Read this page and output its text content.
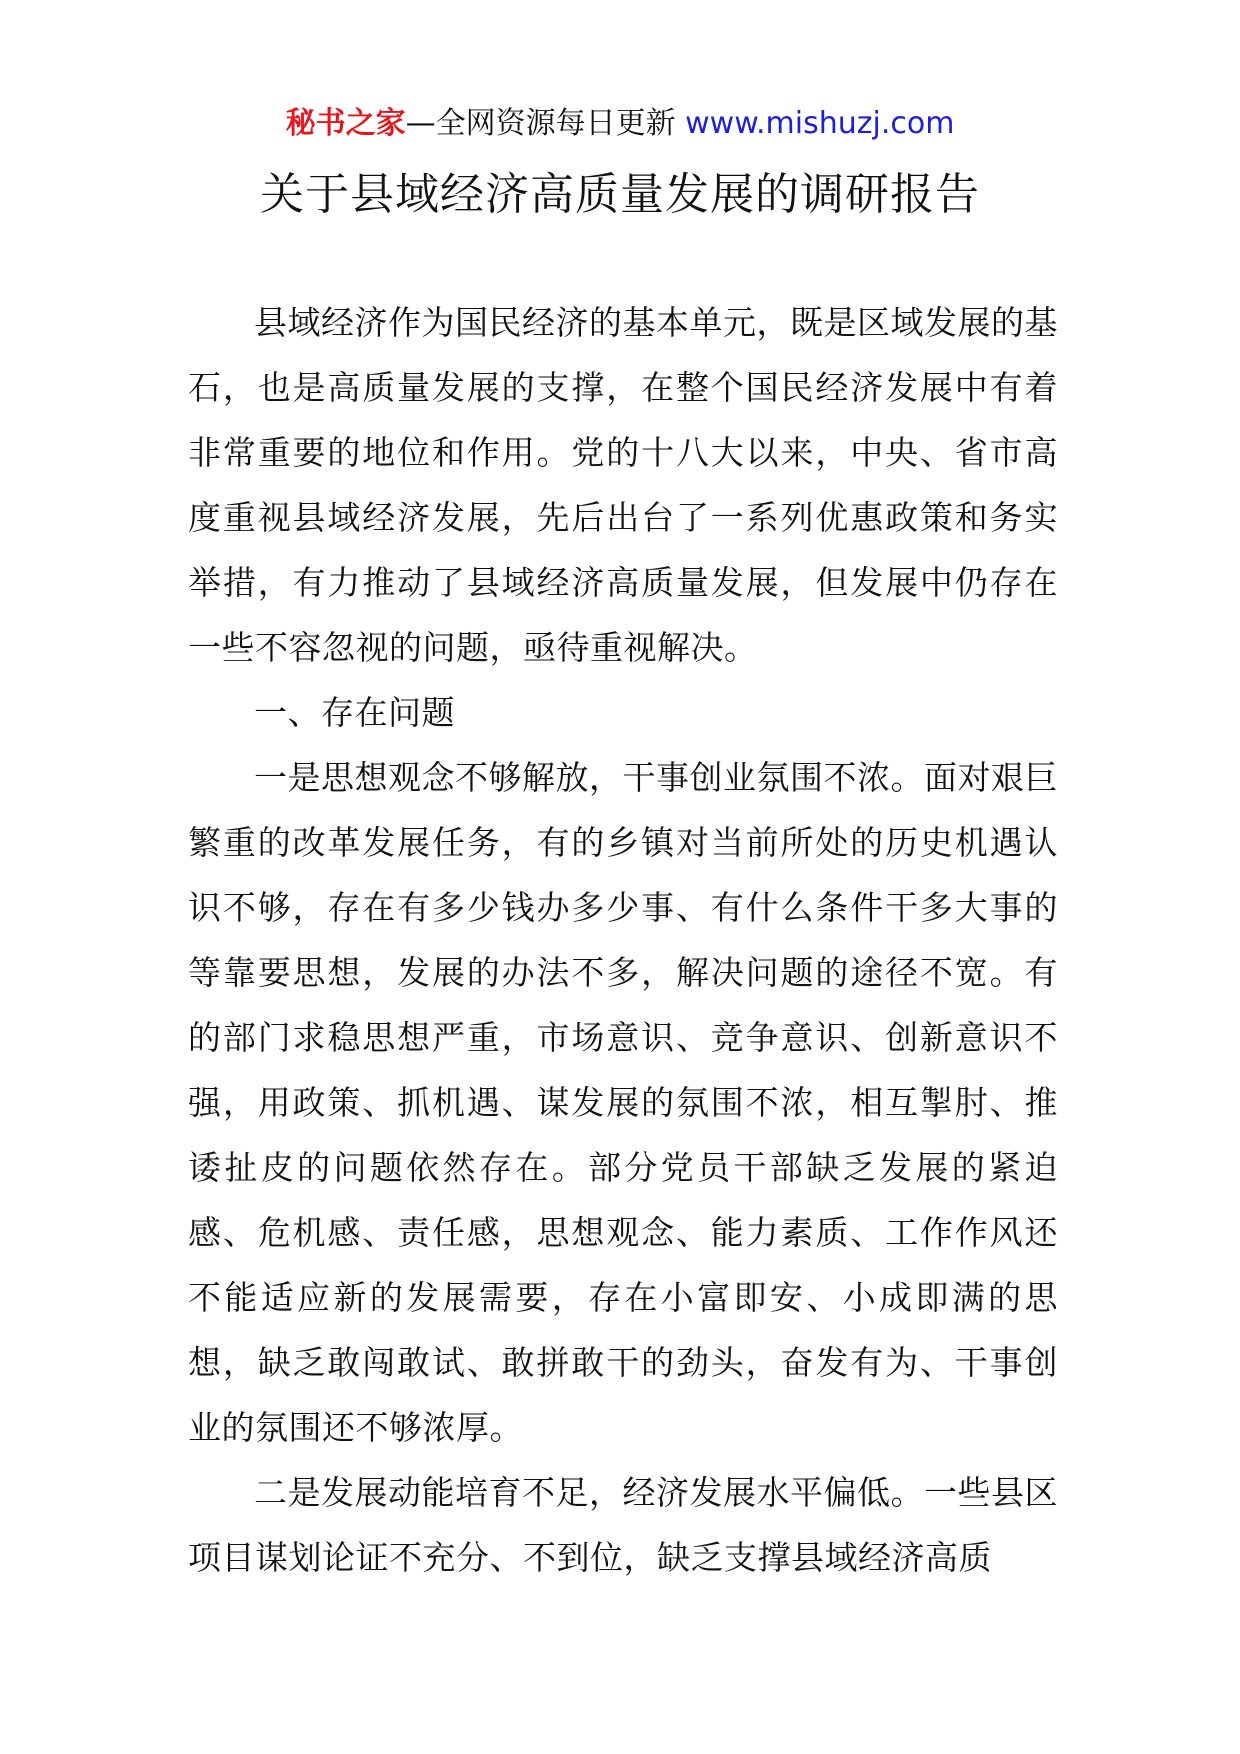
秘书之家—全网资源每日更新 www.mishuzj.com
关于县域经济高质量发展的调研报告

县域经济作为国民经济的基本单元，既是区域发展的基石，也是高质量发展的支撑，在整个国民经济发展中有着非常重要的地位和作用。党的十八大以来，中央、省市高度重视县域经济发展，先后出台了一系列优惠政策和务实举措，有力推动了县域经济高质量发展，但发展中仍存在一些不容忽视的问题，亟待重视解决。

一、存在问题

一是思想观念不够解放，干事创业氛围不浓。面对艰巨繁重的改革发展任务，有的乡镇对当前所处的历史机遇认识不够，存在有多少钱办多少事、有什么条件干多大事的等靠要思想，发展的办法不多，解决问题的途径不宽。有的部门求稳思想严重，市场意识、竞争意识、创新意识不强，用政策、抓机遇、谋发展的氛围不浓，相互掣肘、推诿扯皮的问题依然存在。部分党员干部缺乏发展的紧迫感、危机感、责任感，思想观念、能力素质、工作作风还不能适应新的发展需要，存在小富即安、小成即满的思想，缺乏敢闯敢试、敢拼敢干的劲头，奋发有为、干事创业的氛围还不够浓厚。

二是发展动能培育不足，经济发展水平偏低。一些县区项目谋划论证不充分、不到位，缺乏支撑县域经济高质
